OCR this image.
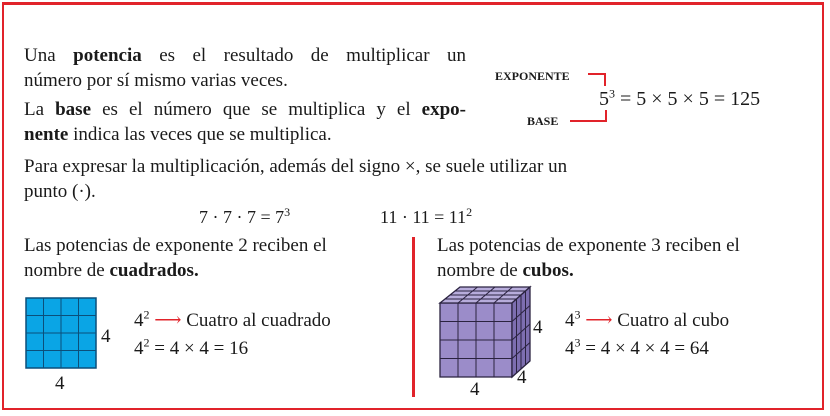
Una potencia es el resultado de multiplicar un
número por sí mismo varias veces.
La base es el número que se multiplica y el expo-
nente indica las veces que se multiplica.
EXPONENTE
BASE
$5^3 = 5 \times 5 \times 5 = 125$
Para expresar la multiplicación, además del signo ×, se suele utilizar un
punto (·).
$7 \cdot 7 \cdot 7 = 7^3$	$11 \cdot 11 = 11^2$
Las potencias de exponente 2 reciben el
nombre de cuadrados.
4
4
$4^2$ ⟶ Cuatro al cuadrado
$4^2 = 4 \times 4 = 16$
Las potencias de exponente 3 reciben el
nombre de cubos.
4
4
4
$4^3$ ⟶ Cuatro al cubo
$4^3 = 4 \times 4 \times 4 = 64$
